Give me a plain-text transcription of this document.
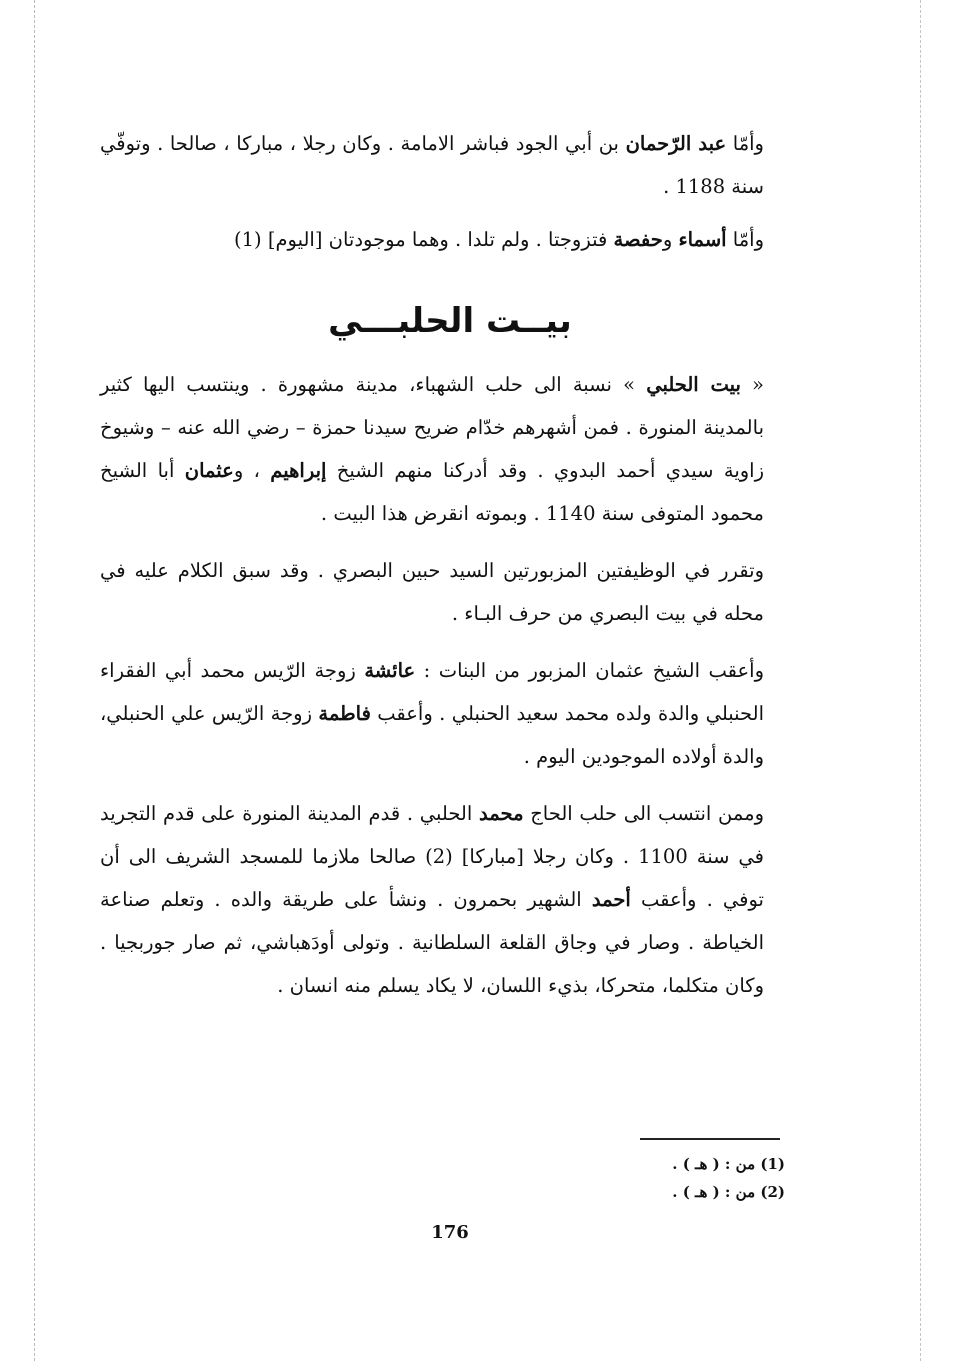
وأمّا عبد الرّحمان بن أبي الجود فباشر الامامة . وكان رجلا ، مباركا ، صالحا . وتوفّي سنة 1188 .

وأمّا أسماء وحفصة فتزوجتا . ولم تلدا . وهما موجودتان [اليوم] (1)

بيــت الحلبـــي

« بيت الحلبي » نسبة الى حلب الشهباء، مدينة مشهورة . وينتسب اليها كثير بالمدينة المنورة . فمن أشهرهم خدّام ضريح سيدنا حمزة – رضي الله عنه – وشيوخ زاوية سيدي أحمد البدوي . وقد أدركنا منهم الشيخ إبراهيم ، وعثمان أبا الشيخ محمود المتوفى سنة 1140 . وبموته انقرض هذا البيت .

وتقرر في الوظيفتين المزبورتين السيد حبين البصري . وقد سبق الكلام عليه في محله في بيت البصري من حرف البـاء .

وأعقب الشيخ عثمان المزبور من البنات : عائشة زوجة الرّيس محمد أبي الفقراء الحنبلي والدة ولده محمد سعيد الحنبلي . وأعقب فاطمة زوجة الرّيس علي الحنبلي، والدة أولاده الموجودين اليوم .

وممن انتسب الى حلب الحاج محمد الحلبي . قدم المدينة المنورة على قدم التجريد في سنة 1100 . وكان رجلا [مباركا] (2) صالحا ملازما للمسجد الشريف الى أن توفي . وأعقب أحمد الشهير بحمرون . ونشأ على طريقة والده . وتعلم صناعة الخياطة . وصار في وجاق القلعة السلطانية . وتولى أودَهباشي، ثم صار جوربجيا . وكان متكلما، متحركا، بذيء اللسان، لا يكاد يسلم منه انسان .

(1) من : ( هـ ) .

(2) من : ( هـ ) .

176
